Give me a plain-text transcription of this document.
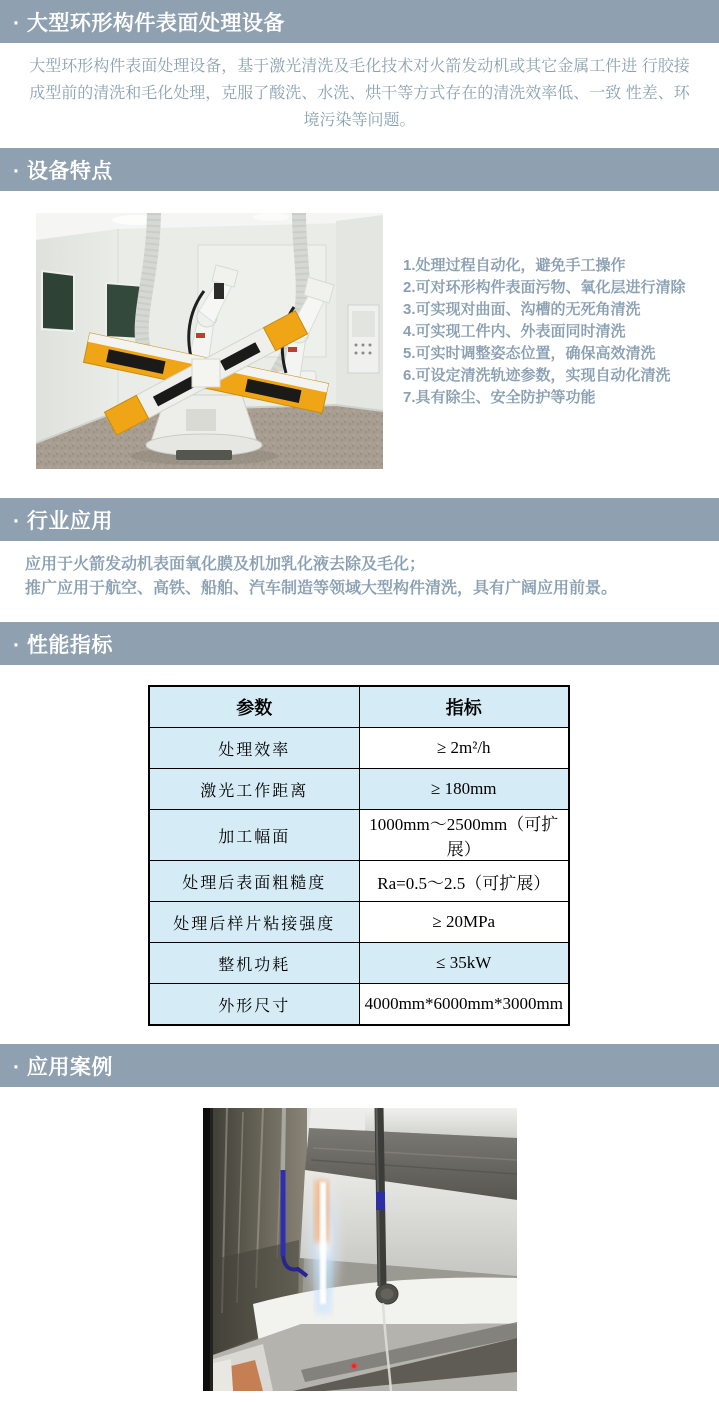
· 大型环形构件表面处理设备
大型环形构件表面处理设备，基于激光清洗及毛化技术对火箭发动机或其它金属工件进 行胶接
成型前的清洗和毛化处理，克服了酸洗、水洗、烘干等方式存在的清洗效率低、一致 性差、环
境污染等问题。
· 设备特点
1.处理过程自动化，避免手工操作
2.可对环形构件表面污物、氧化层进行清除
3.可实现对曲面、沟槽的无死角清洗
4.可实现工件内、外表面同时清洗
5.可实时调整姿态位置，确保高效清洗
6.可设定清洗轨迹参数，实现自动化清洗
7.具有除尘、安全防护等功能
· 行业应用
应用于火箭发动机表面氧化膜及机加乳化液去除及毛化；
推广应用于航空、高铁、船舶、汽车制造等领域大型构件清洗，具有广阔应用前景。
· 性能指标
参数	指标
处理效率	≥ 2m²/h
激光工作距离	≥ 180mm
加工幅面	1000mm～2500mm（可扩展）
处理后表面粗糙度	Ra=0.5～2.5（可扩展）
处理后样片粘接强度	≥ 20MPa
整机功耗	≤ 35kW
外形尺寸	4000mm*6000mm*3000mm
· 应用案例
